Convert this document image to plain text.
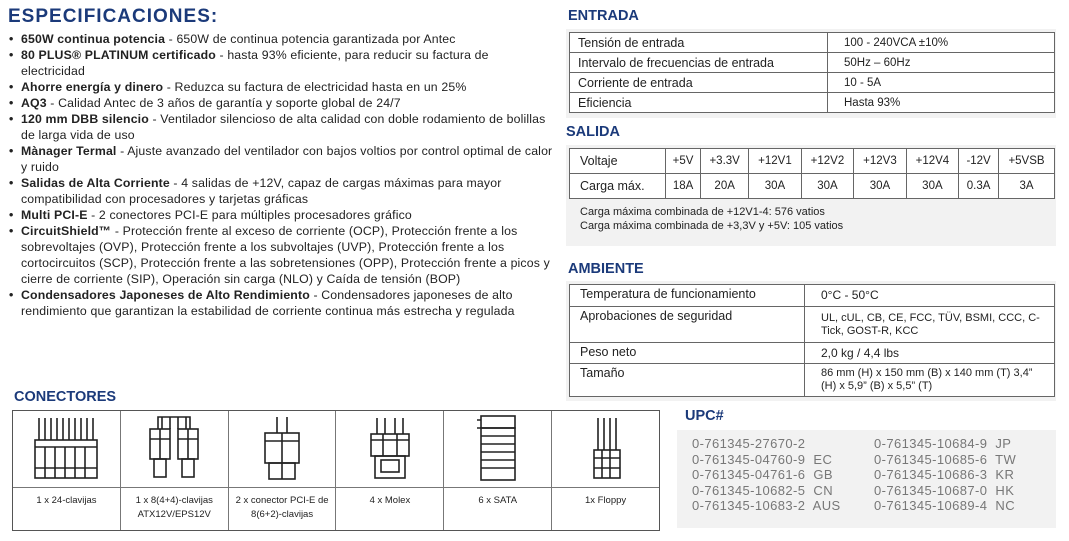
ESPECIFICACIONES:
• 650W continua potencia - 650W de continua potencia garantizada por Antec
• 80 PLUS® PLATINUM certificado - hasta 93% eficiente, para reducir su factura de electricidad
• Ahorre energía y dinero - Reduzca su factura de electricidad hasta en un 25%
• AQ3 - Calidad Antec de 3 años de garantía y soporte global de 24/7
• 120 mm DBB silencio - Ventilador silencioso de alta calidad con doble rodamiento de bolillas de larga vida de uso
• Mànager Termal - Ajuste avanzado del ventilador con bajos voltios por control optimal de calor y ruido
• Salidas de Alta Corriente - 4 salidas de +12V, capaz de cargas máximas para mayor compatibilidad con procesadores y tarjetas gráficas
• Multi PCI-E - 2 conectores PCI-E para múltiples procesadores gráfico
• CircuitShield™ - Protección frente al exceso de corriente (OCP), Protección frente a los sobrevoltajes (OVP), Protección frente a los subvoltajes (UVP), Protección frente a los cortocircuitos (SCP), Protección frente a las sobretensiones (OPP), Protección frente a picos y cierre de corriente (SIP), Operación sin carga (NLO) y Caída de tensión (BOP)
• Condensadores Japoneses de Alto Rendimiento - Condensadores japoneses de alto rendimiento que garantizan la estabilidad de corriente continua más estrecha y regulada
ENTRADA
Tensión de entrada	100 - 240VCA ±10%
Intervalo de frecuencias de entrada	50Hz – 60Hz
Corriente de entrada	10 - 5A
Eficiencia	Hasta 93%
SALIDA
Voltaje	+5V	+3.3V	+12V1	+12V2	+12V3	+12V4	-12V	+5VSB
Carga máx.	18A	20A	30A	30A	30A	30A	0.3A	3A
Carga máxima combinada de +12V1-4: 576 vatios
Carga máxima combinada de +3,3V y +5V: 105 vatios
AMBIENTE
Temperatura de funcionamiento	0°C - 50°C
Aprobaciones de seguridad	UL, cUL, CB, CE, FCC, TÜV, BSMI, CCC, C-Tick, GOST-R, KCC
Peso neto	2,0 kg / 4,4 lbs
Tamaño	86 mm (H) x 150 mm (B) x 140 mm (T) 3,4” (H) x 5,9” (B) x 5,5” (T)
CONECTORES
1 x 24-clavijas	1 x 8(4+4)-clavijas ATX12V/EPS12V
2 x conector PCI-E de 8(6+2)-clavijas
4 x Molex	6 x SATA	1x Floppy
UPC#
0-761345-27670-2
0-761345-04760-9  EC
0-761345-04761-6  GB
0-761345-10682-5  CN
0-761345-10683-2  AUS
0-761345-10684-9  JP
0-761345-10685-6  TW
0-761345-10686-3  KR
0-761345-10687-0  HK
0-761345-10689-4  NC
